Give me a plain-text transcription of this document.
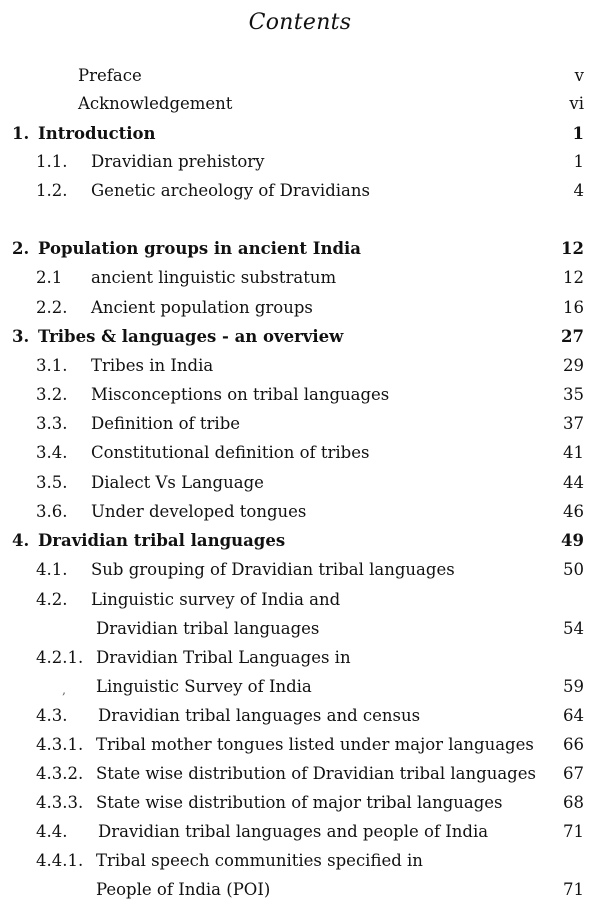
Contents
Preface	v
Acknowledgement	vi
1. Introduction	1
1.1. Dravidian prehistory	1
1.2. Genetic archeology of Dravidians	4
2. Population groups in ancient India	12
2.1 ancient linguistic substratum	12
2.2. Ancient population groups	16
3. Tribes & languages - an overview	27
3.1. Tribes in India	29
3.2. Misconceptions on tribal languages	35
3.3. Definition of tribe	37
3.4. Constitutional definition of tribes	41
3.5. Dialect Vs Language	44
3.6. Under developed tongues	46
4. Dravidian tribal languages	49
4.1. Sub grouping of Dravidian tribal languages	50
4.2. Linguistic survey of India and
Dravidian tribal languages	54
4.2.1. Dravidian Tribal Languages in
‚ Linguistic Survey of India	59
4.3. Dravidian tribal languages and census	64
4.3.1. Tribal mother tongues listed under major languages 66
4.3.2. State wise distribution of Dravidian tribal languages 67
4.3.3. State wise distribution of major tribal languages	68
4.4. Dravidian tribal languages and people of India	71
4.4.1. Tribal speech communities specified in
People of India (POI)	71
